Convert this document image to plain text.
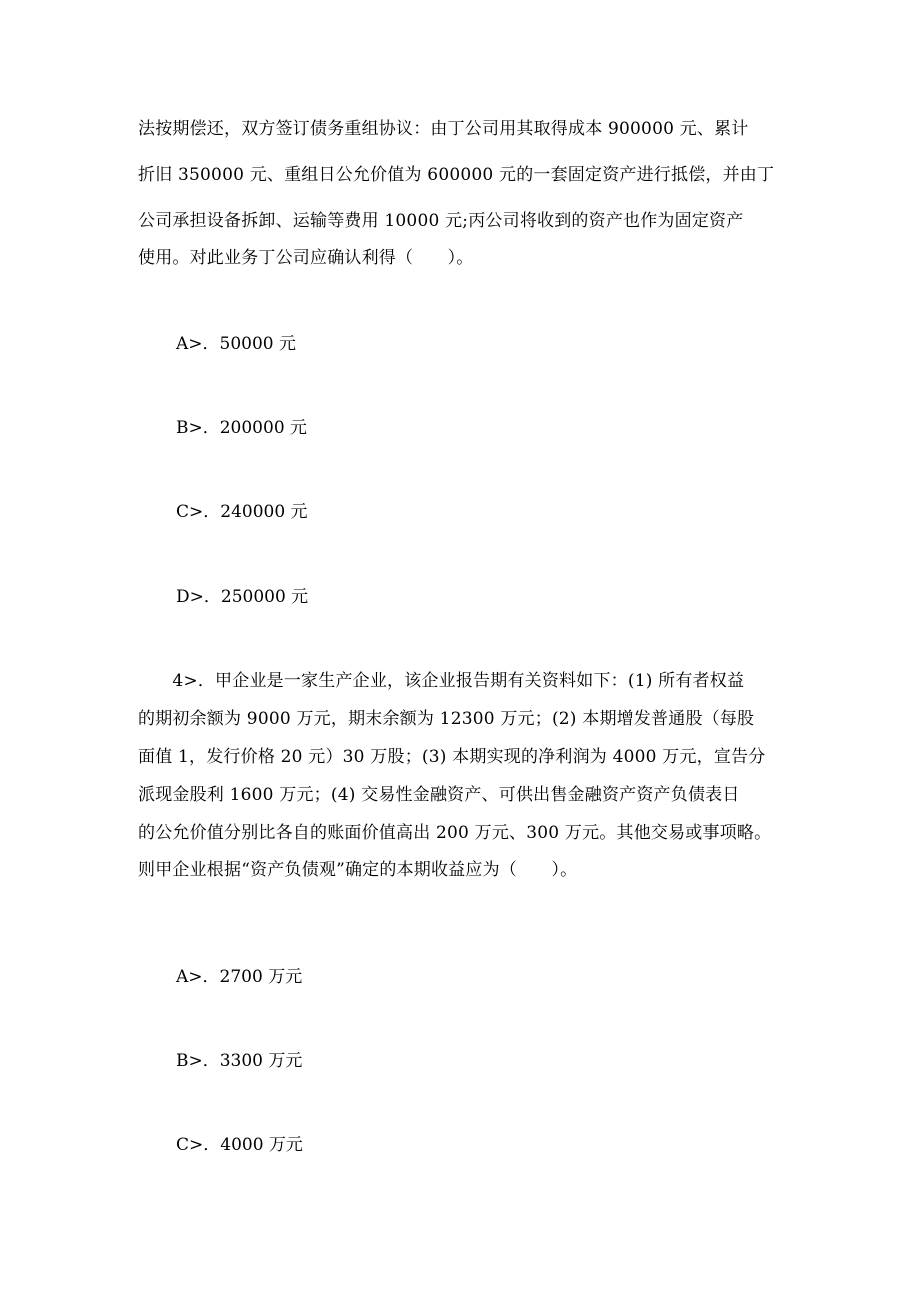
法按期偿还，双方签订债务重组协议：由丁公司用其取得成本 900000 元、累计
折旧 350000 元、重组日公允价值为 600000 元的一套固定资产进行抵偿，并由丁
公司承担设备拆卸、运输等费用 10000 元;丙公司将收到的资产也作为固定资产
使用。对此业务丁公司应确认利得（　　）。
A>．50000 元
B>．200000 元
C>．240000 元
D>．250000 元
　　4>．甲企业是一家生产企业，该企业报告期有关资料如下：(1) 所有者权益
的期初余额为 9000 万元，期末余额为 12300 万元；(2) 本期增发普通股（每股
面值 1，发行价格 20 元）30 万股；(3) 本期实现的净利润为 4000 万元，宣告分
派现金股利 1600 万元；(4) 交易性金融资产、可供出售金融资产资产负债表日
的公允价值分别比各自的账面价值高出 200 万元、300 万元。其他交易或事项略。
则甲企业根据“资产负债观”确定的本期收益应为（　　）。
A>．2700 万元
B>．3300 万元
C>．4000 万元
